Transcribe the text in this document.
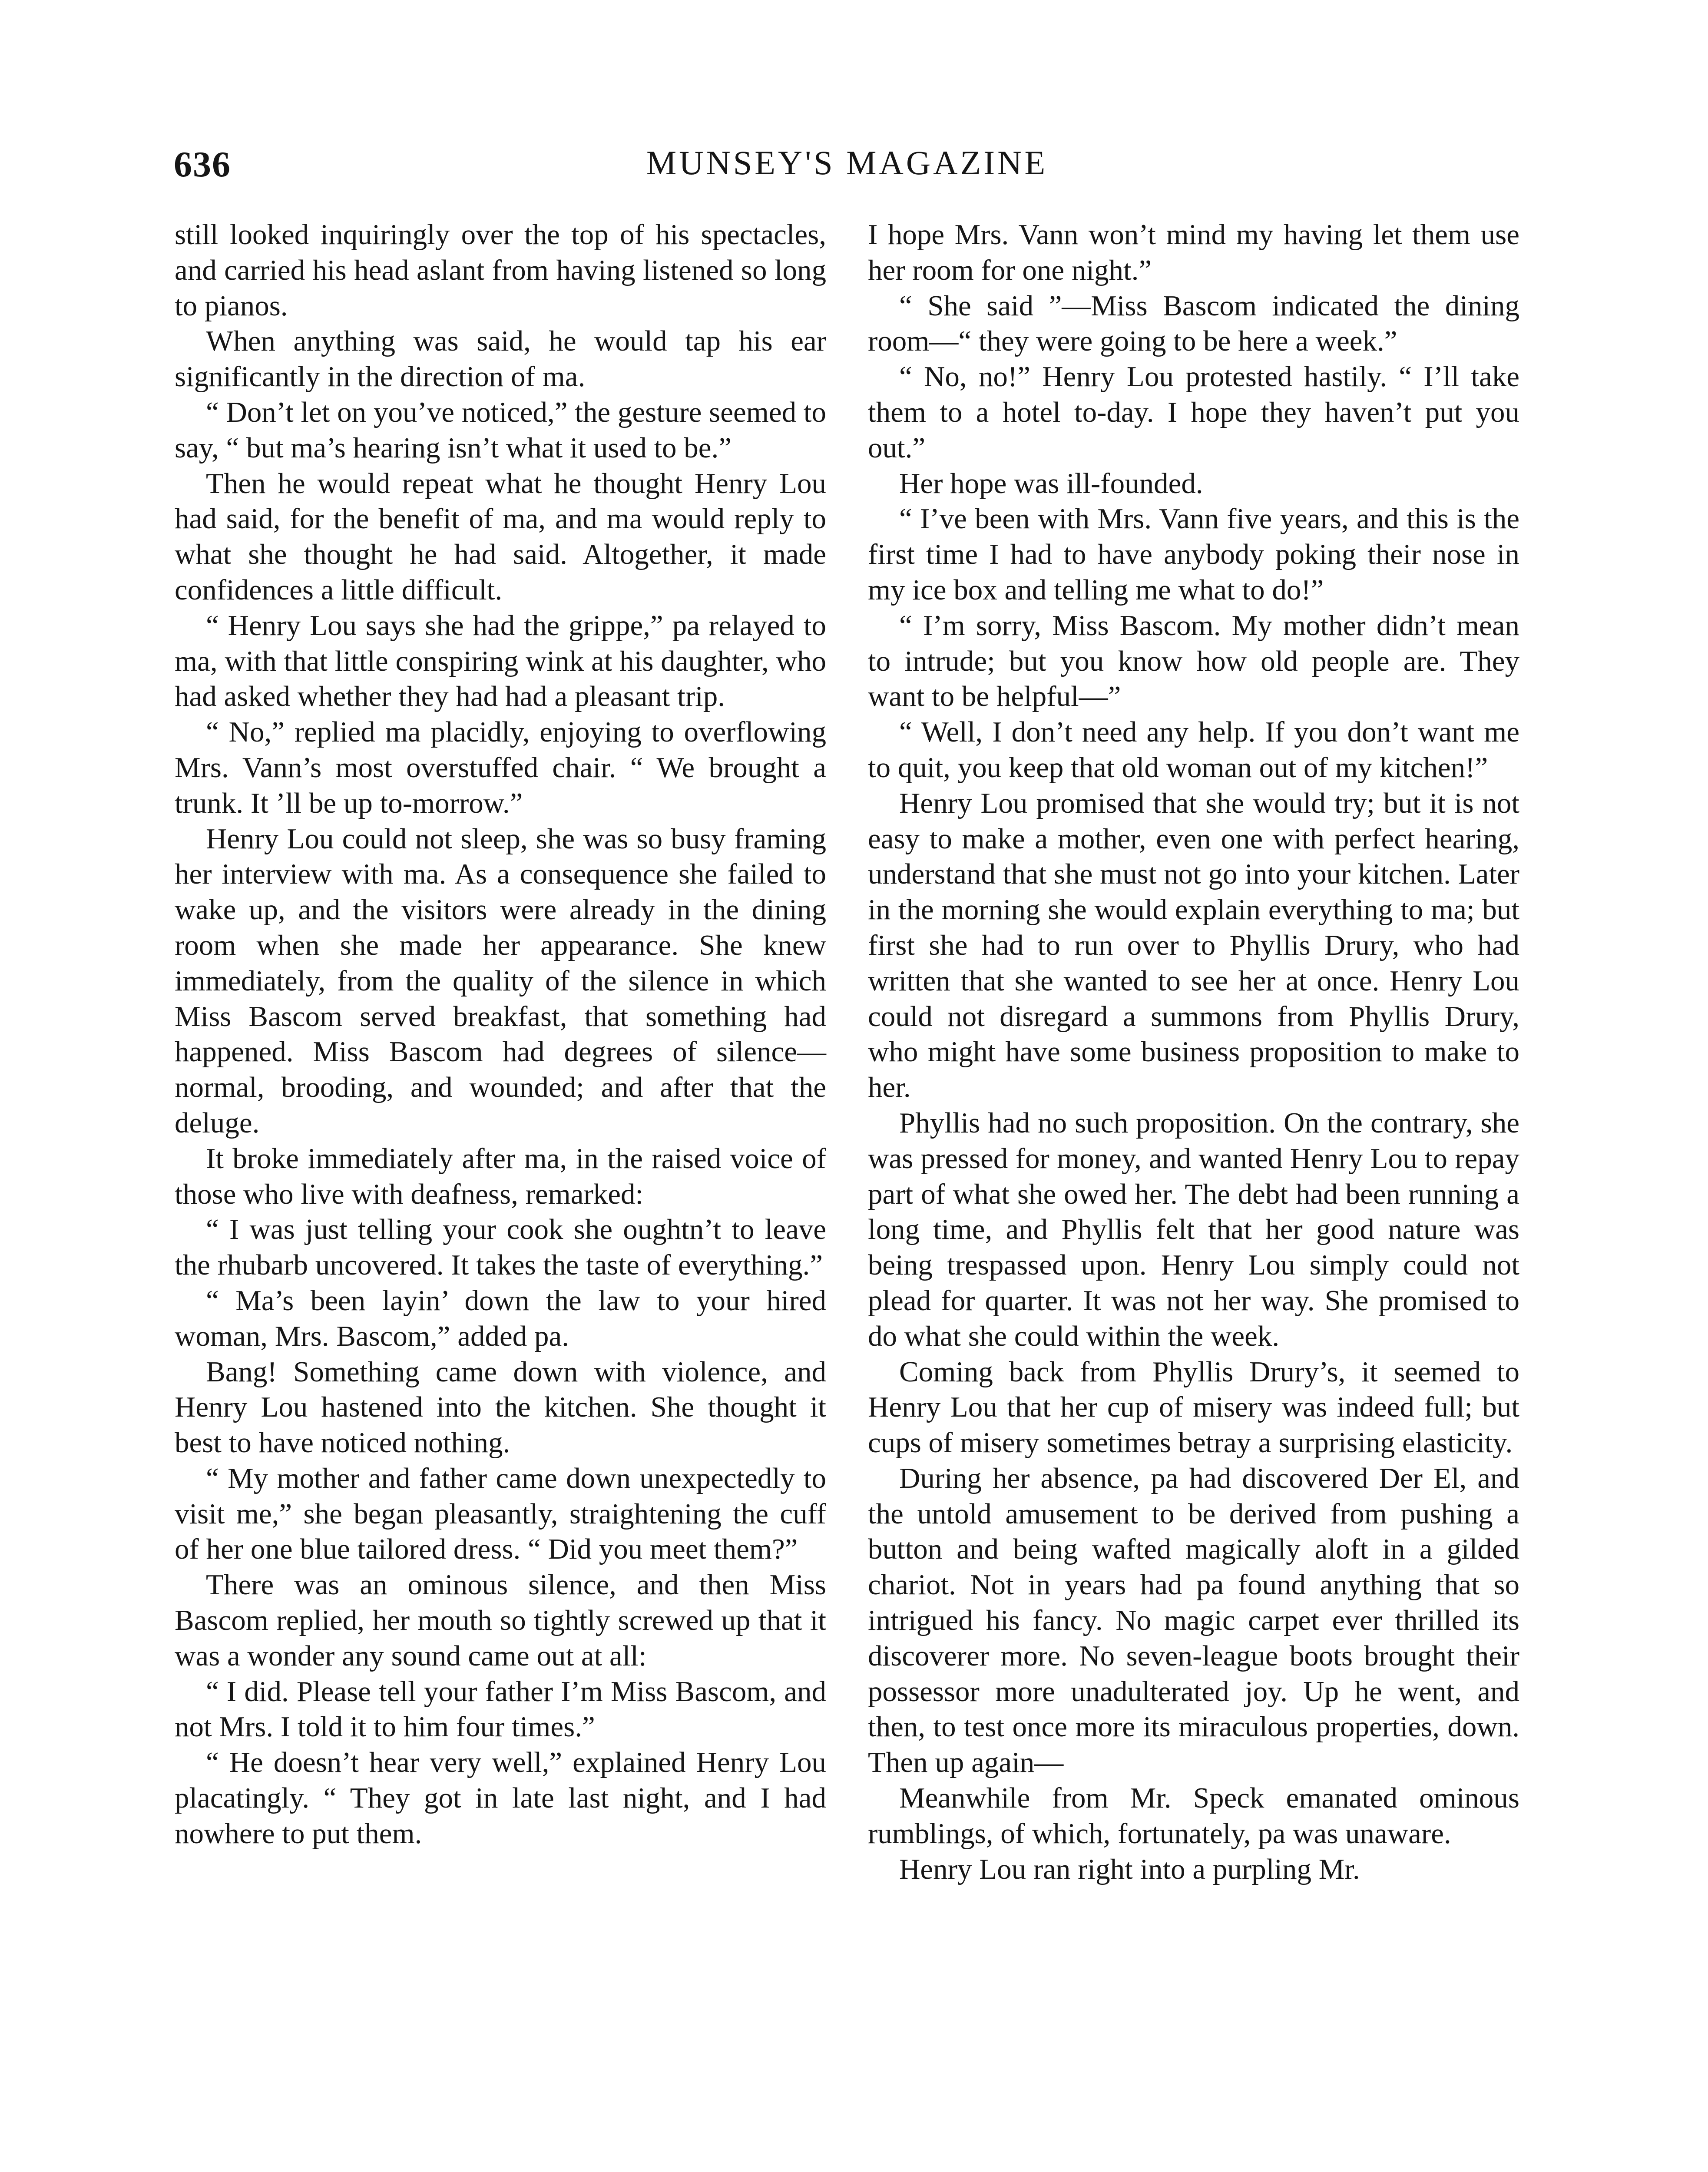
636	MUNSEY'S MAGAZINE

still looked inquiringly over the top of his spectacles, and carried his head aslant from having listened so long to pianos.

When anything was said, he would tap his ear significantly in the direction of ma.

“ Don’t let on you’ve noticed,” the gesture seemed to say, “ but ma’s hearing isn’t what it used to be.”

Then he would repeat what he thought Henry Lou had said, for the benefit of ma, and ma would reply to what she thought he had said. Altogether, it made confidences a little difficult.

“ Henry Lou says she had the grippe,” pa relayed to ma, with that little conspiring wink at his daughter, who had asked whether they had had a pleasant trip.

“ No,” replied ma placidly, enjoying to overflowing Mrs. Vann’s most overstuffed chair. “ We brought a trunk. It ’ll be up to-morrow.”

Henry Lou could not sleep, she was so busy framing her interview with ma. As a consequence she failed to wake up, and the visitors were already in the dining room when she made her appearance. She knew immediately, from the quality of the silence in which Miss Bascom served breakfast, that something had happened. Miss Bascom had degrees of silence—normal, brooding, and wounded; and after that the deluge.

It broke immediately after ma, in the raised voice of those who live with deafness, remarked:

“ I was just telling your cook she oughtn’t to leave the rhubarb uncovered. It takes the taste of everything.”

“ Ma’s been layin’ down the law to your hired woman, Mrs. Bascom,” added pa.

Bang! Something came down with violence, and Henry Lou hastened into the kitchen. She thought it best to have noticed nothing.

“ My mother and father came down unexpectedly to visit me,” she began pleasantly, straightening the cuff of her one blue tailored dress. “ Did you meet them?”

There was an ominous silence, and then Miss Bascom replied, her mouth so tightly screwed up that it was a wonder any sound came out at all:

“ I did. Please tell your father I’m Miss Bascom, and not Mrs. I told it to him four times.”

“ He doesn’t hear very well,” explained Henry Lou placatingly. “ They got in late last night, and I had nowhere to put them.

I hope Mrs. Vann won’t mind my having let them use her room for one night.”

“ She said ”—Miss Bascom indicated the dining room—“ they were going to be here a week.”

“ No, no!” Henry Lou protested hastily. “ I’ll take them to a hotel to-day. I hope they haven’t put you out.”

Her hope was ill-founded.

“ I’ve been with Mrs. Vann five years, and this is the first time I had to have anybody poking their nose in my ice box and telling me what to do!”

“ I’m sorry, Miss Bascom. My mother didn’t mean to intrude; but you know how old people are. They want to be helpful—”

“ Well, I don’t need any help. If you don’t want me to quit, you keep that old woman out of my kitchen!”

Henry Lou promised that she would try; but it is not easy to make a mother, even one with perfect hearing, understand that she must not go into your kitchen. Later in the morning she would explain everything to ma; but first she had to run over to Phyllis Drury, who had written that she wanted to see her at once. Henry Lou could not disregard a summons from Phyllis Drury, who might have some business proposition to make to her.

Phyllis had no such proposition. On the contrary, she was pressed for money, and wanted Henry Lou to repay part of what she owed her. The debt had been running a long time, and Phyllis felt that her good nature was being trespassed upon. Henry Lou simply could not plead for quarter. It was not her way. She promised to do what she could within the week.

Coming back from Phyllis Drury’s, it seemed to Henry Lou that her cup of misery was indeed full; but cups of misery sometimes betray a surprising elasticity.

During her absence, pa had discovered Der El, and the untold amusement to be derived from pushing a button and being wafted magically aloft in a gilded chariot. Not in years had pa found anything that so intrigued his fancy. No magic carpet ever thrilled its discoverer more. No seven-league boots brought their possessor more unadulterated joy. Up he went, and then, to test once more its miraculous properties, down. Then up again—

Meanwhile from Mr. Speck emanated ominous rumblings, of which, fortunately, pa was unaware.

Henry Lou ran right into a purpling Mr.
